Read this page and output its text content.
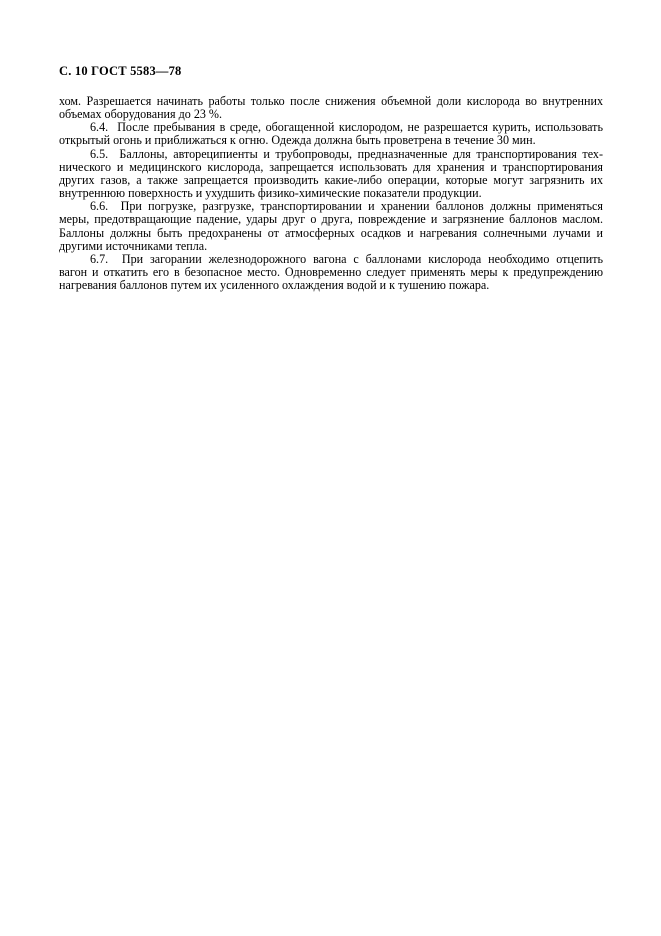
С. 10 ГОСТ 5583—78
хом. Разрешается начинать работы только после снижения объемной доли кислорода во внутренних
объемах оборудования до 23 %.
6.4.  После пребывания в среде, обогащенной кислородом, не разрешается курить, использовать
открытый огонь и приближаться к огню. Одежда должна быть проветрена в течение 30 мин.
6.5.  Баллоны, автореципиенты и трубопроводы, предназначенные для транспортирования тех-
нического и медицинского кислорода, запрещается использовать для хранения и транспортирования
других газов, а также запрещается производить какие-либо операции, которые могут загрязнить их
внутреннюю поверхность и ухудшить физико-химические показатели продукции.
6.6.  При погрузке, разгрузке, транспортировании и хранении баллонов должны применяться
меры, предотвращающие падение, удары друг о друга, повреждение и загрязнение баллонов маслом.
Баллоны должны быть предохранены от атмосферных осадков и нагревания солнечными лучами и
другими источниками тепла.
6.7.  При загорании железнодорожного вагона с баллонами кислорода необходимо отцепить
вагон и откатить его в безопасное место. Одновременно следует применять меры к предупреждению
нагревания баллонов путем их усиленного охлаждения водой и к тушению пожара.
